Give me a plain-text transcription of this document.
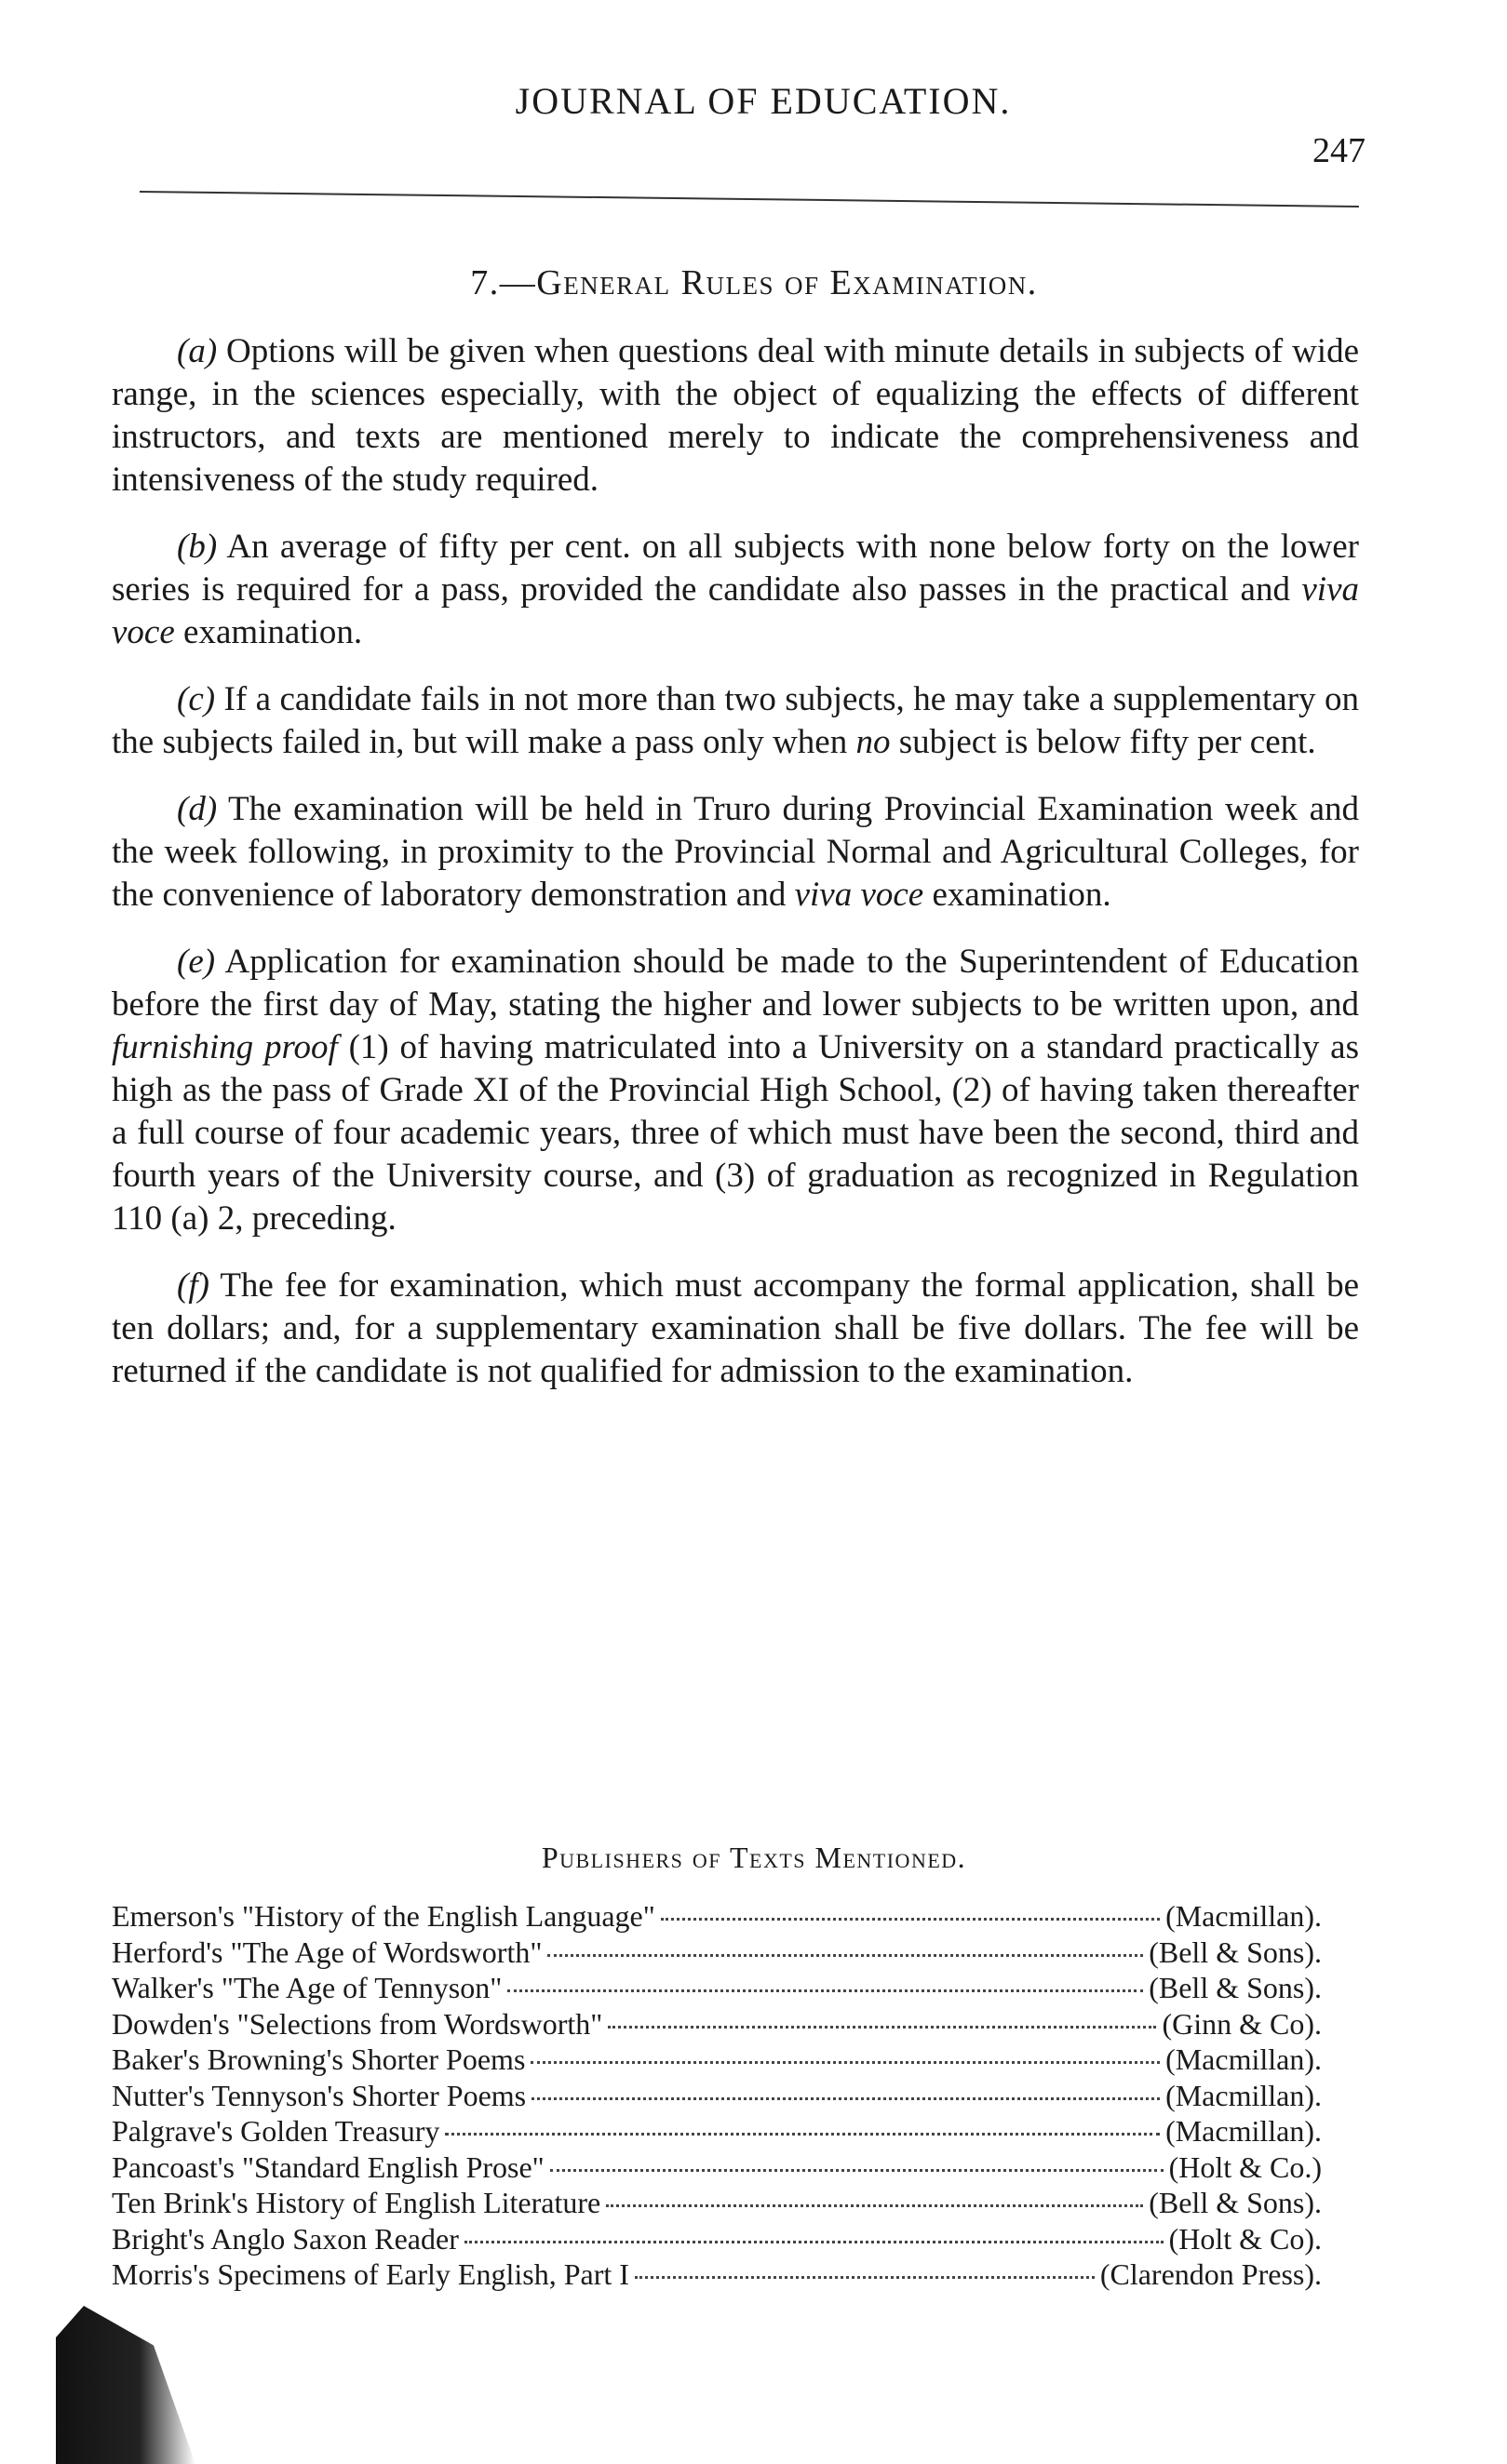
JOURNAL OF EDUCATION.
247
7.—General Rules of Examination.

(a) Options will be given when questions deal with minute details in subjects of wide range, in the sciences especially, with the object of equalizing the effects of different instructors, and texts are mentioned merely to indicate the comprehensiveness and intensiveness of the study required.

(b) An average of fifty per cent. on all subjects with none below forty on the lower series is required for a pass, provided the candidate also passes in the practical and viva voce examination.

(c) If a candidate fails in not more than two subjects, he may take a supplementary on the subjects failed in, but will make a pass only when no subject is below fifty per cent.

(d) The examination will be held in Truro during Provincial Examination week and the week following, in proximity to the Provincial Normal and Agricultural Colleges, for the convenience of laboratory demonstration and viva voce examination.

(e) Application for examination should be made to the Superintendent of Education before the first day of May, stating the higher and lower subjects to be written upon, and furnishing proof (1) of having matriculated into a University on a standard practically as high as the pass of Grade XI of the Provincial High School, (2) of having taken thereafter a full course of four academic years, three of which must have been the second, third and fourth years of the University course, and (3) of graduation as recognized in Regulation 110 (a) 2, preceding.

(f) The fee for examination, which must accompany the formal application, shall be ten dollars; and, for a supplementary examination shall be five dollars. The fee will be returned if the candidate is not qualified for admission to the examination.

Publishers of Texts Mentioned.
Emerson's "History of the English Language"	(Macmillan).
Herford's "The Age of Wordsworth"	(Bell & Sons).
Walker's "The Age of Tennyson"	(Bell & Sons).
Dowden's "Selections from Wordsworth"	(Ginn & Co).
Baker's Browning's Shorter Poems	(Macmillan).
Nutter's Tennyson's Shorter Poems	(Macmillan).
Palgrave's Golden Treasury	(Macmillan).
Pancoast's "Standard English Prose"	(Holt & Co.)
Ten Brink's History of English Literature	(Bell & Sons).
Bright's Anglo Saxon Reader	(Holt & Co).
Morris's Specimens of Early English, Part I	(Clarendon Press).
